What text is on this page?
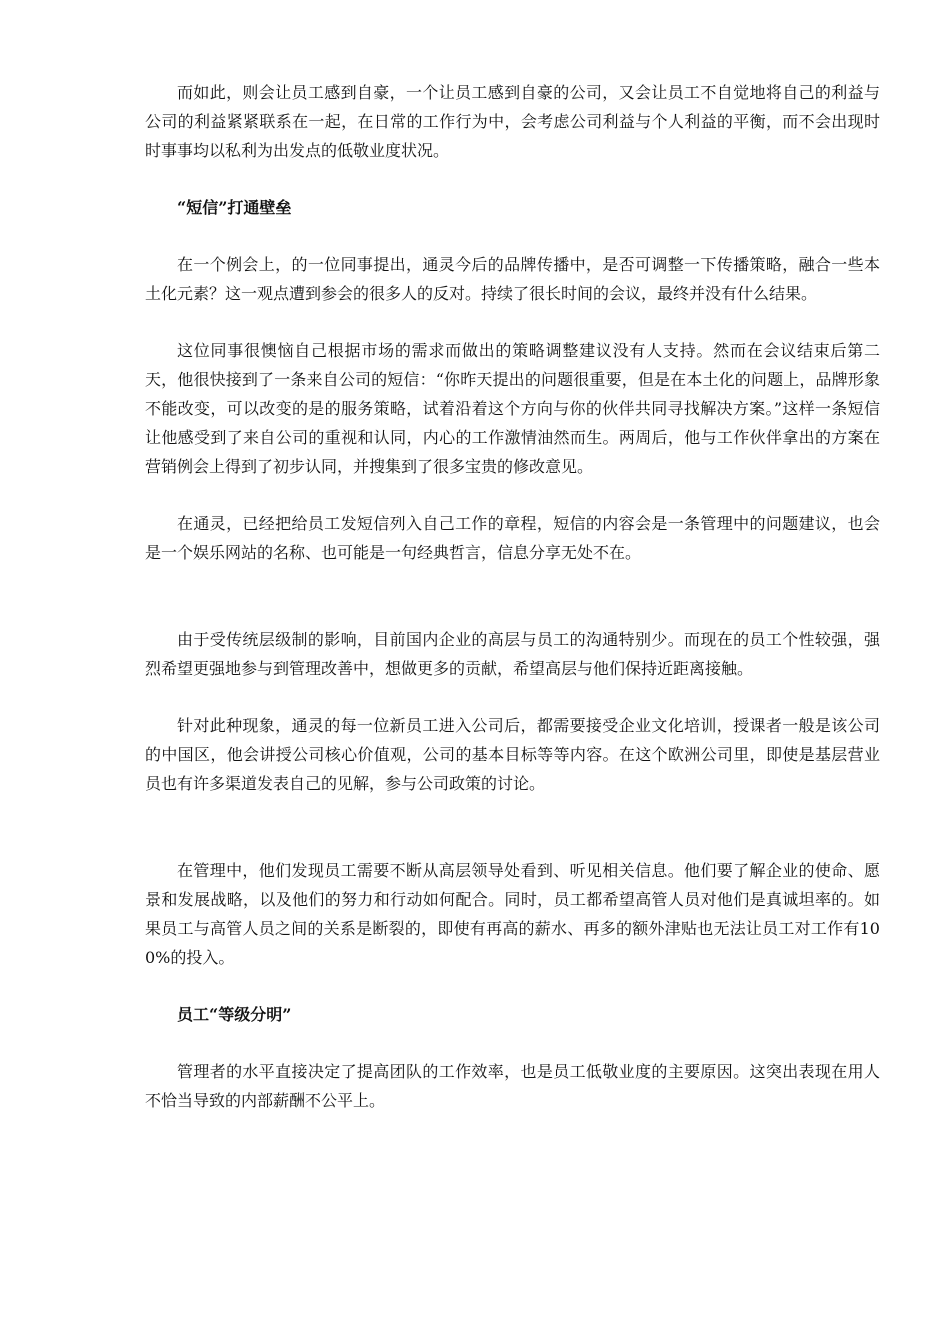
而如此，则会让员工感到自豪，一个让员工感到自豪的公司，又会让员工不自觉地将自己的利益与公司的利益紧紧联系在一起，在日常的工作行为中，会考虑公司利益与个人利益的平衡，而不会出现时时事事均以私利为出发点的低敬业度状况。

“短信”打通壁垒

在一个例会上，的一位同事提出，通灵今后的品牌传播中，是否可调整一下传播策略，融合一些本土化元素？这一观点遭到参会的很多人的反对。持续了很长时间的会议，最终并没有什么结果。

这位同事很懊恼自己根据市场的需求而做出的策略调整建议没有人支持。然而在会议结束后第二天，他很快接到了一条来自公司的短信：“你昨天提出的问题很重要，但是在本土化的问题上，品牌形象不能改变，可以改变的是的服务策略，试着沿着这个方向与你的伙伴共同寻找解决方案。”这样一条短信让他感受到了来自公司的重视和认同，内心的工作激情油然而生。两周后，他与工作伙伴拿出的方案在营销例会上得到了初步认同，并搜集到了很多宝贵的修改意见。

在通灵，已经把给员工发短信列入自己工作的章程，短信的内容会是一条管理中的问题建议，也会是一个娱乐网站的名称、也可能是一句经典哲言，信息分享无处不在。

由于受传统层级制的影响，目前国内企业的高层与员工的沟通特别少。而现在的员工个性较强，强烈希望更强地参与到管理改善中，想做更多的贡献，希望高层与他们保持近距离接触。

针对此种现象，通灵的每一位新员工进入公司后，都需要接受企业文化培训，授课者一般是该公司的中国区，他会讲授公司核心价值观，公司的基本目标等等内容。在这个欧洲公司里，即使是基层营业员也有许多渠道发表自己的见解，参与公司政策的讨论。

在管理中，他们发现员工需要不断从高层领导处看到、听见相关信息。他们要了解企业的使命、愿景和发展战略，以及他们的努力和行动如何配合。同时，员工都希望高管人员对他们是真诚坦率的。如果员工与高管人员之间的关系是断裂的，即使有再高的薪水、再多的额外津贴也无法让员工对工作有100%的投入。

员工“等级分明”

管理者的水平直接决定了提高团队的工作效率，也是员工低敬业度的主要原因。这突出表现在用人不恰当导致的内部薪酬不公平上。
